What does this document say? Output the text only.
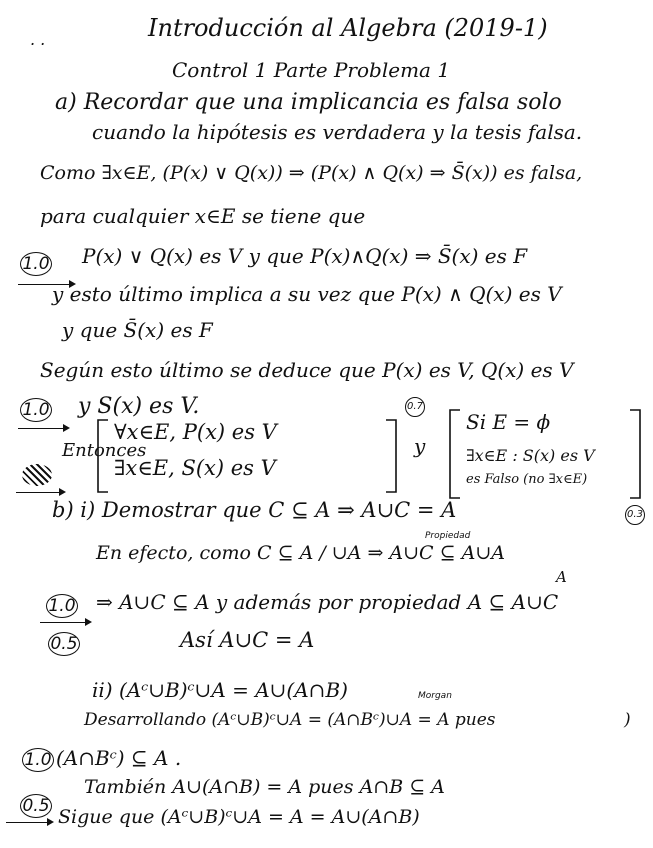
. .	Introducción al Algebra (2019-1)
Control 1 Parte Problema 1
a) Recordar que una implicancia es falsa solo
cuando la hipótesis es verdadera y la tesis falsa.
Como ∃x∈E, (P(x) ∨ Q(x)) ⇒ (P(x) ∧ Q(x) ⇒ S̄(x)) es falsa,
para cualquier x∈E se tiene que
1.0 P(x) ∨ Q(x) es V y que P(x)∧Q(x) ⇒ S̄(x) es F
y esto último implica a su vez que P(x) ∧ Q(x) es V
y que S̄(x) es F
Según esto último se deduce que P(x) es V, Q(x) es V
1.0 y S(x) es V.	0.7
Entonces
∀x∈E, P(x) es V
∃x∈E, S(x) es V
y
Si E = ϕ
∃x∈E : S(x) es V
es Falso (no ∃x∈E)
b) i) Demostrar que C ⊆ A ⇒ A∪C = A	0.3
En efecto, como C ⊆ A / ∪A ⇒ A∪C ⊆ A∪A
Propiedad
A
1.0
0.5
⇒ A∪C ⊆ A y además por propiedad A ⊆ A∪C
Así A∪C = A
ii) (Aᶜ∪B)ᶜ∪A = A∪(A∩B)	Morgan
Desarrollando (Aᶜ∪B)ᶜ∪A = (A∩Bᶜ)∪A = A pues	)
1.0 (A∩Bᶜ) ⊆ A .
También A∪(A∩B) = A pues A∩B ⊆ A
0.5 Sigue que (Aᶜ∪B)ᶜ∪A = A = A∪(A∩B)
